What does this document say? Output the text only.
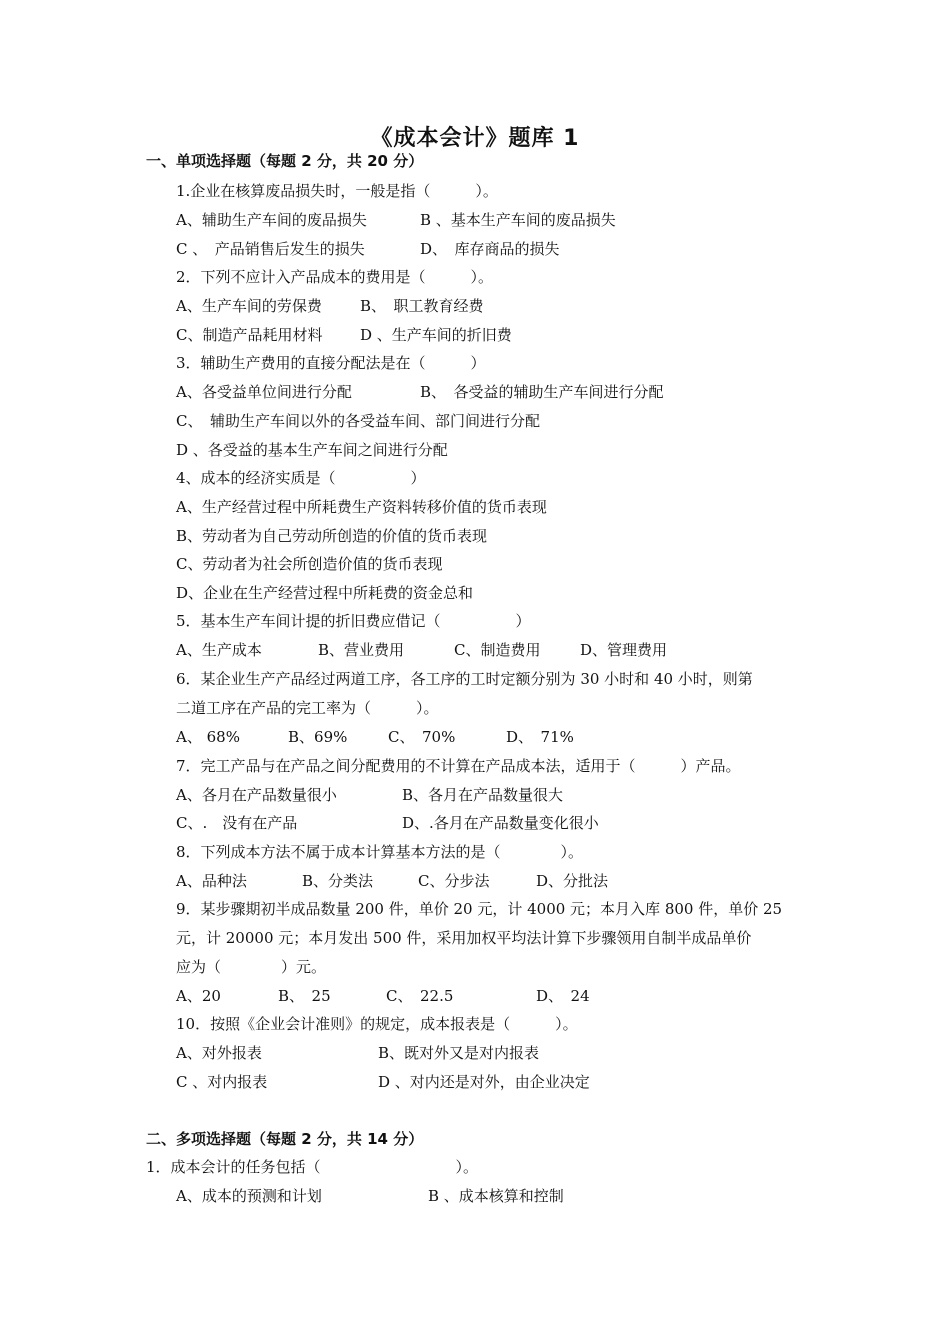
《成本会计》题库 1
一、单项选择题（每题 2 分，共 20 分）
1.企业在核算废品损失时，一般是指（　　　）。
A、辅助生产车间的废品损失	B 、基本生产车间的废品损失
C 、　产品销售后发生的损失	D、　库存商品的损失
2．下列不应计入产品成本的费用是（　　　）。
A、生产车间的劳保费	B、　职工教育经费
C、制造产品耗用材料	D 、生产车间的折旧费
3．辅助生产费用的直接分配法是在（　　　）
A、各受益单位间进行分配	B、　各受益的辅助生产车间进行分配
C、　辅助生产车间以外的各受益车间、部门间进行分配
D 、各受益的基本生产车间之间进行分配
4、成本的经济实质是（　　　　　）
A、生产经营过程中所耗费生产资料转移价值的货币表现
B、劳动者为自己劳动所创造的价值的货币表现
C、劳动者为社会所创造价值的货币表现
D、企业在生产经营过程中所耗费的资金总和
5．基本生产车间计提的折旧费应借记（　　　　　）
A、生产成本	B、营业费用	C、制造费用	D、管理费用
6．某企业生产产品经过两道工序，各工序的工时定额分别为 30 小时和 40 小时，则第
二道工序在产品的完工率为（　　　）。
A、 68%	B、69%	C、　70%	D、　71%
7．完工产品与在产品之间分配费用的不计算在产品成本法，适用于（　　　）产品。
A、各月在产品数量很小	B、各月在产品数量很大
C、.　没有在产品	D、.各月在产品数量变化很小
8．下列成本方法不属于成本计算基本方法的是（　　　　）。
A、品种法	B、分类法	C、分步法	D、分批法
9．某步骤期初半成品数量 200 件，单价 20 元，计 4000 元；本月入库 800 件，单价 25
元，计 20000 元；本月发出 500 件，采用加权平均法计算下步骤领用自制半成品单价
应为（　　　　）元。
A、20	B、　25	C、　22.5	D、　24
10．按照《企业会计准则》的规定，成本报表是（　　　）。
A、对外报表	B、既对外又是对内报表
C 、对内报表	D 、对内还是对外，由企业决定
二、多项选择题（每题 2 分，共 14 分）
1．成本会计的任务包括（　　　　　　　　　）。
A、成本的预测和计划	B 、成本核算和控制
